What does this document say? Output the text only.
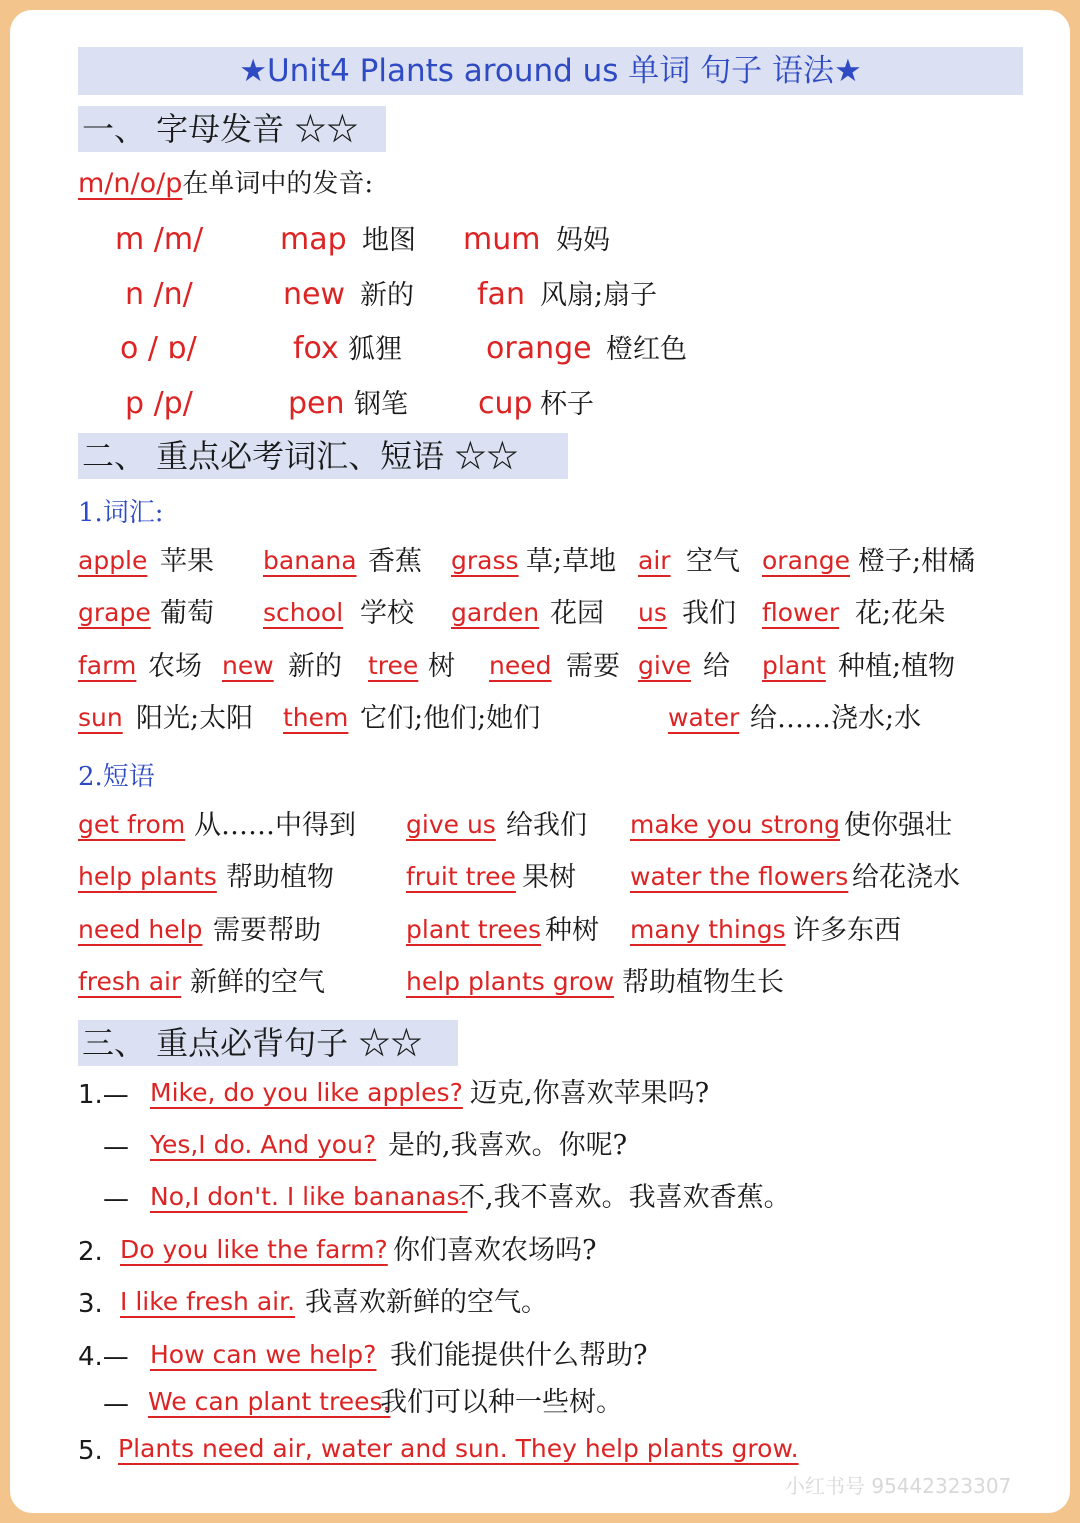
★Unit4 Plants around us 单词 句子 语法★
一、 字母发音 ☆☆
m/n/o/p在单词中的发音:
m /m/	map 地图 mum 妈妈
n /n/	new 新的 fan 风扇;扇子
o / ɒ/	fox 狐狸	orange 橙红色
p /p/	pen 钢笔 cup 杯子
二、 重点必考词汇、短语 ☆☆
1.词汇:
apple 苹果 banana 香蕉 grass 草;草地 air 空气 orange 橙子;柑橘
grape 葡萄 school 学校 garden 花园 us 我们 flower 花;花朵
farm 农场 new 新的 tree 树 need 需要 give 给 plant 种植;植物
sun 阳光;太阳 them 它们;他们;她们	water 给……浇水;水
2.短语
get from 从……中得到 give us 给我们 make you strong 使你强壮
help plants 帮助植物	fruit tree 果树 water the flowers 给花浇水
need help 需要帮助	plant trees 种树 many things 许多东西
fresh air 新鲜的空气	help plants grow 帮助植物生长
三、 重点必背句子 ☆☆
1.— Mike, do you like apples? 迈克,你喜欢苹果吗?
— Yes,I do. And you? 是的,我喜欢。你呢?
— No,I don't. I like bananas.
不,我不喜欢。我喜欢香蕉。
2. Do you like the farm? 你们喜欢农场吗?
3. I like fresh air. 我喜欢新鲜的空气。
4.— How can we help? 我们能提供什么帮助?
— We can plant trees.
我们可以种一些树。
5. Plants need air, water and sun. They help plants grow.
小红书号 95442323307
